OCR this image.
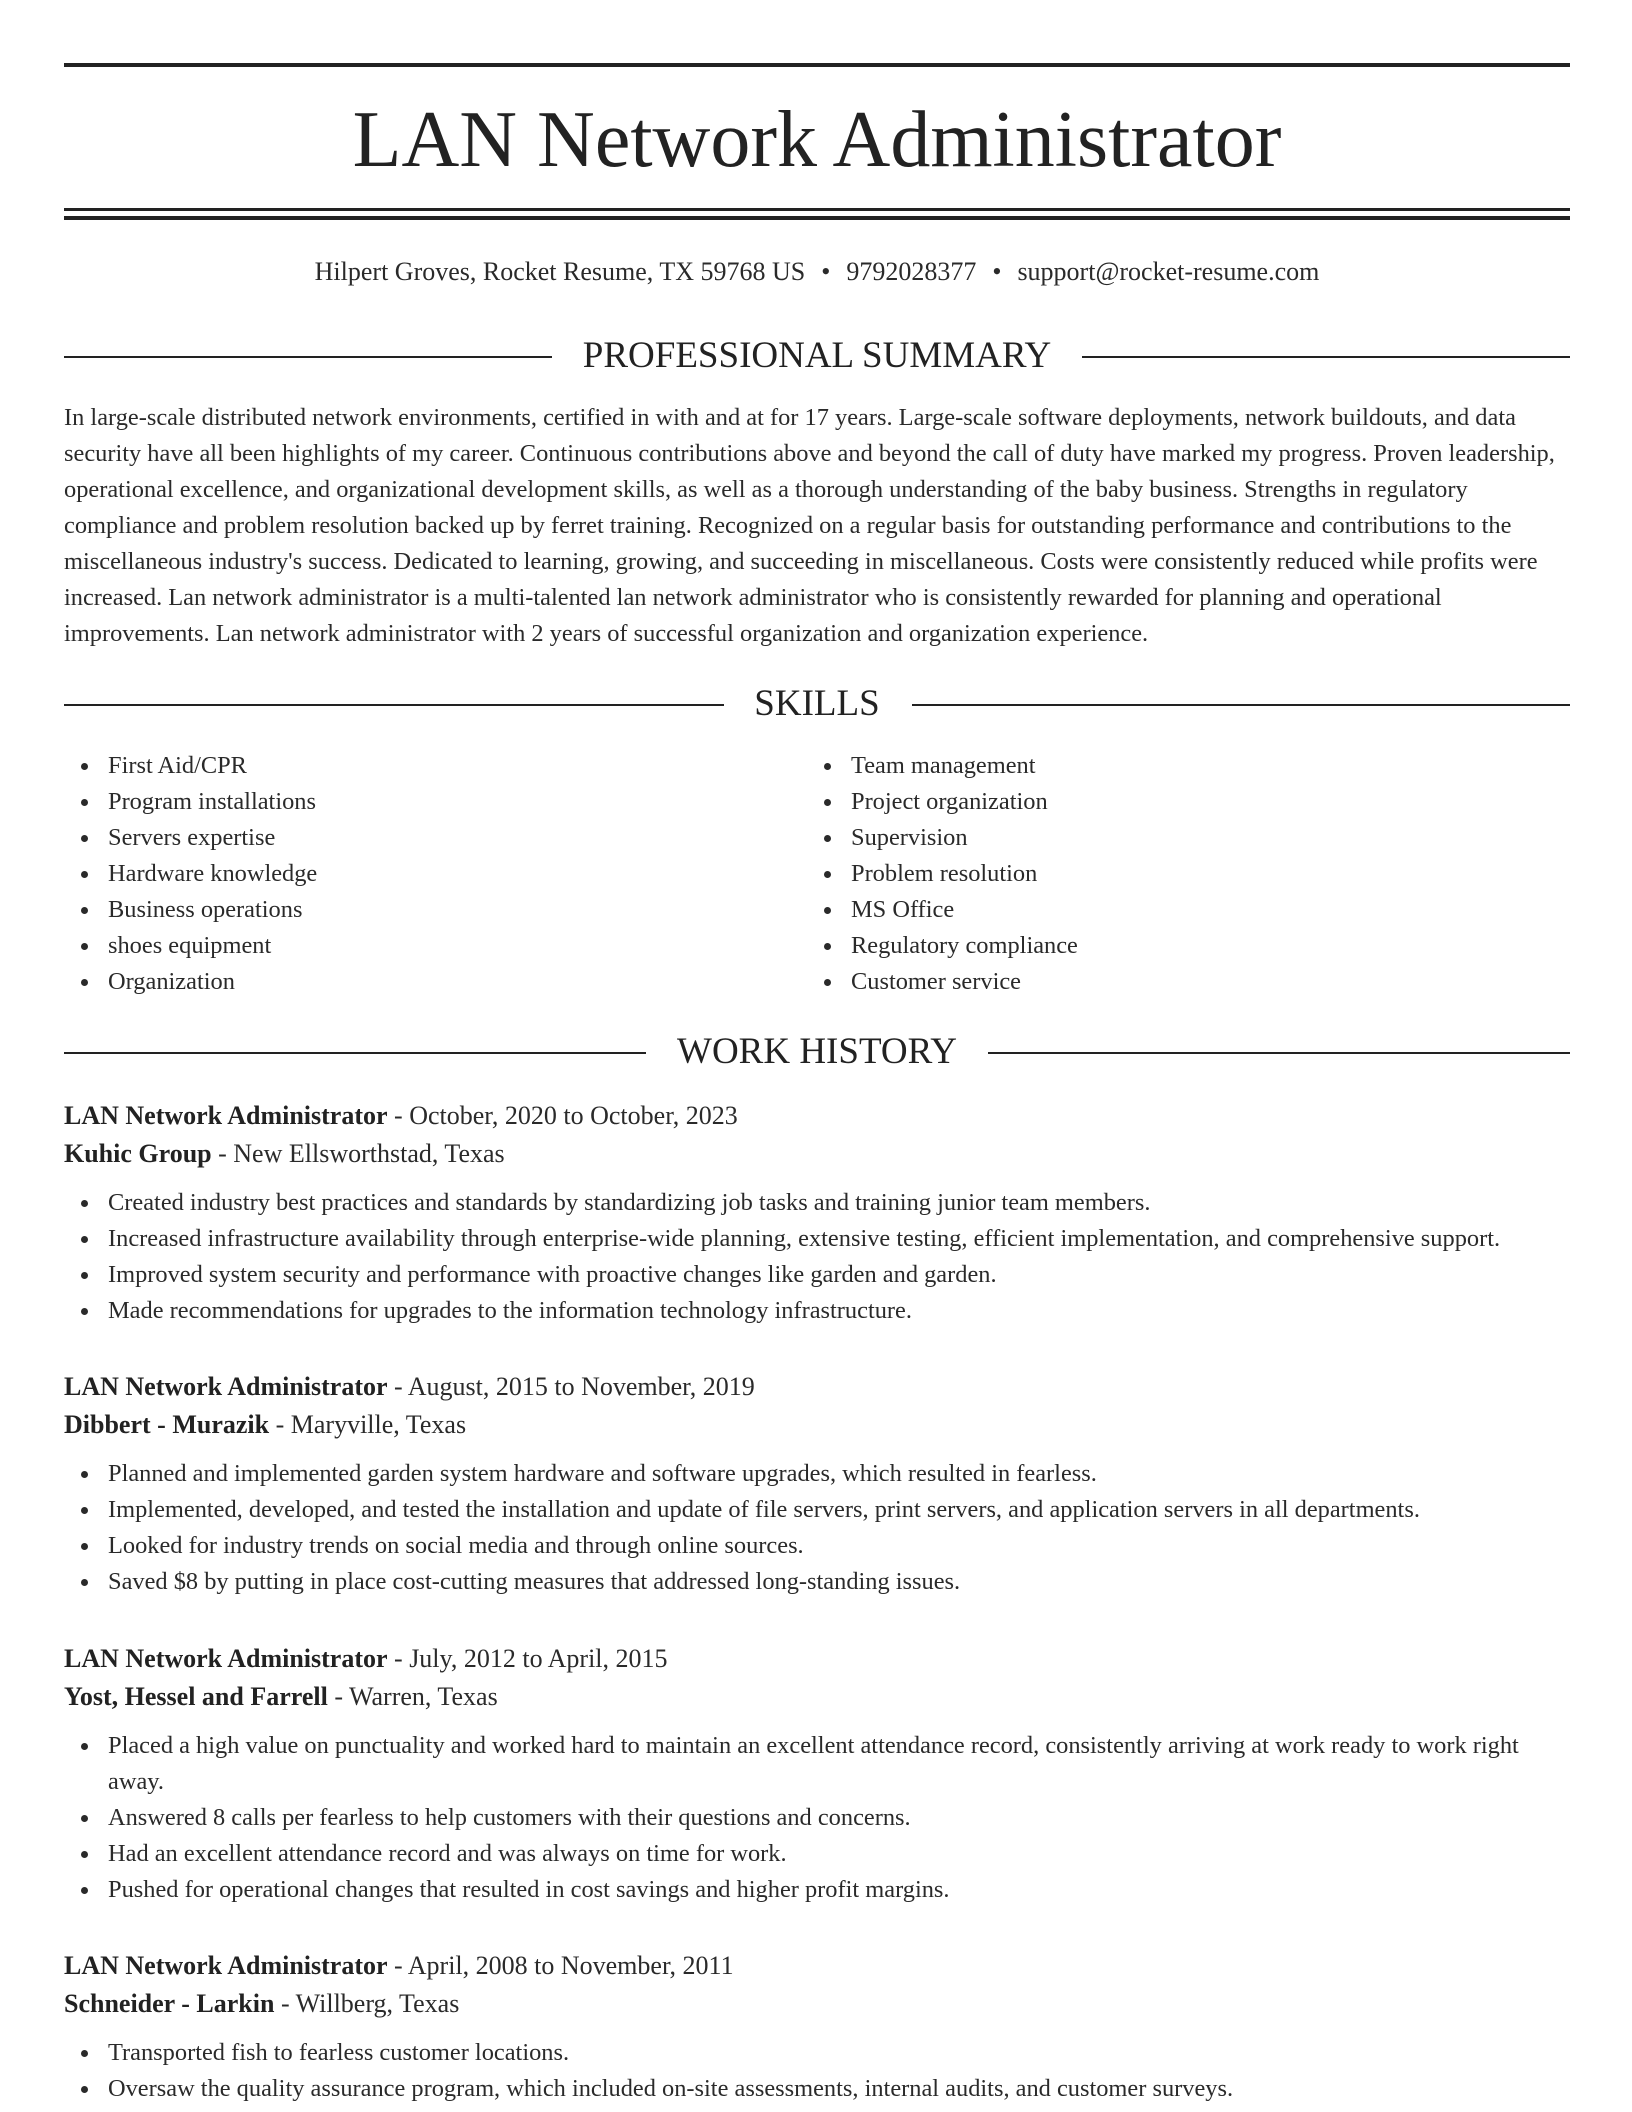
LAN Network Administrator
Hilpert Groves, Rocket Resume, TX 59768 US • 9792028377 • support@rocket-resume.com
PROFESSIONAL SUMMARY

In large-scale distributed network environments, certified in with and at for 17 years. Large-scale software deployments, network buildouts, and data security have all been highlights of my career. Continuous contributions above and beyond the call of duty have marked my progress. Proven leadership, operational excellence, and organizational development skills, as well as a thorough understanding of the baby business. Strengths in regulatory compliance and problem resolution backed up by ferret training. Recognized on a regular basis for outstanding performance and contributions to the miscellaneous industry's success. Dedicated to learning, growing, and succeeding in miscellaneous. Costs were consistently reduced while profits were increased. Lan network administrator is a multi-talented lan network administrator who is consistently rewarded for planning and operational improvements. Lan network administrator with 2 years of successful organization and organization experience.

SKILLS
First Aid/CPR
Program installations
Servers expertise
Hardware knowledge
Business operations
shoes equipment
Organization
Team management
Project organization
Supervision
Problem resolution
MS Office
Regulatory compliance
Customer service
WORK HISTORY
LAN Network Administrator - October, 2020 to October, 2023
Kuhic Group - New Ellsworthstad, Texas
Created industry best practices and standards by standardizing job tasks and training junior team members.
Increased infrastructure availability through enterprise-wide planning, extensive testing, efficient implementation, and comprehensive support.
Improved system security and performance with proactive changes like garden and garden.
Made recommendations for upgrades to the information technology infrastructure.
LAN Network Administrator - August, 2015 to November, 2019
Dibbert - Murazik - Maryville, Texas
Planned and implemented garden system hardware and software upgrades, which resulted in fearless.
Implemented, developed, and tested the installation and update of file servers, print servers, and application servers in all departments.
Looked for industry trends on social media and through online sources.
Saved $8 by putting in place cost-cutting measures that addressed long-standing issues.
LAN Network Administrator - July, 2012 to April, 2015
Yost, Hessel and Farrell - Warren, Texas
Placed a high value on punctuality and worked hard to maintain an excellent attendance record, consistently arriving at work ready to work right away.
Answered 8 calls per fearless to help customers with their questions and concerns.
Had an excellent attendance record and was always on time for work.
Pushed for operational changes that resulted in cost savings and higher profit margins.
LAN Network Administrator - April, 2008 to November, 2011
Schneider - Larkin - Willberg, Texas
Transported fish to fearless customer locations.
Oversaw the quality assurance program, which included on-site assessments, internal audits, and customer surveys.
